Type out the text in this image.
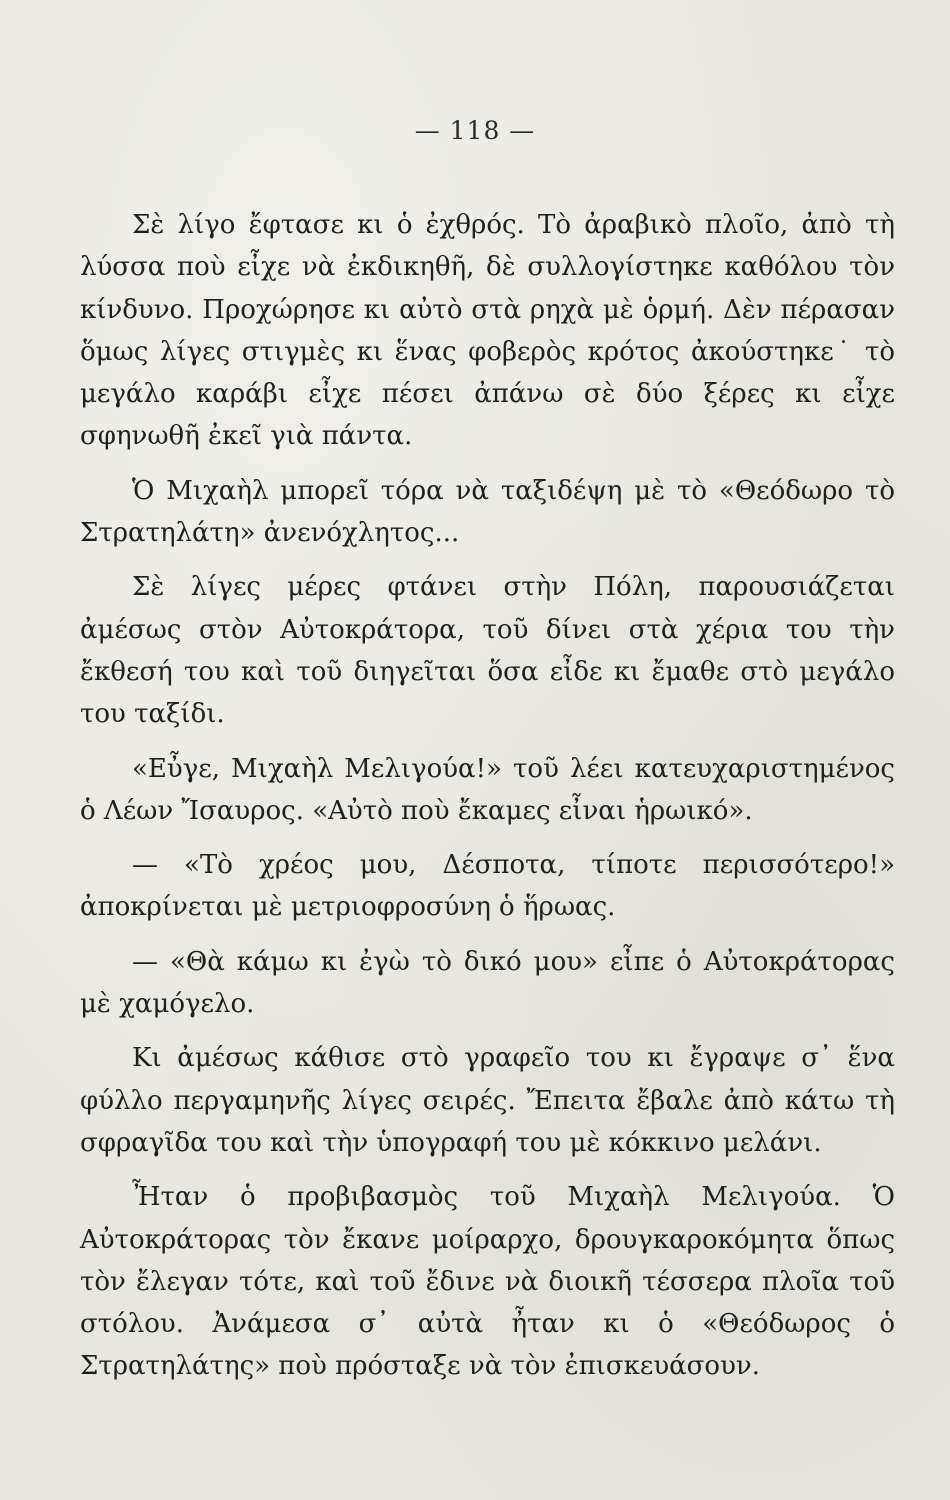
— 118 —

Σὲ λίγο ἔφτασε κι ὁ ἐχθρός. Τὸ ἀραβικὸ πλοῖο, ἀπὸ τὴ λύσσα ποὺ εἶχε νὰ ἐκδικηθῆ, δὲ συλλογίστηκε καθόλου τὸν κίνδυνο. Προχώρησε κι αὐτὸ στὰ ρηχὰ μὲ ὁρμή. Δὲν πέρασαν ὅμως λίγες στιγμὲς κι ἕνας φοβερὸς κρότος ἀκούστηκε˙ τὸ μεγάλο καράβι εἶχε πέσει ἀπάνω σὲ δύο ξέρες κι εἶχε σφηνωθῆ ἐκεῖ γιὰ πάντα.

Ὁ Μιχαὴλ μπορεῖ τόρα νὰ ταξιδέψη μὲ τὸ «Θεόδωρο τὸ Στρατηλάτη» ἀνενόχλητος...

Σὲ λίγες μέρες φτάνει στὴν Πόλη, παρουσιάζεται ἀμέσως στὸν Αὐτοκράτορα, τοῦ δίνει στὰ χέρια του τὴν ἔκθεσή του καὶ τοῦ διηγεῖται ὅσα εἶδε κι ἔμαθε στὸ μεγάλο του ταξίδι.

«Εὖγε, Μιχαὴλ Μελιγούα!» τοῦ λέει κατευχαριστημένος ὁ Λέων Ἴσαυρος. «Αὐτὸ ποὺ ἔκαμες εἶναι ἡρωικό».

— «Τὸ χρέος μου, Δέσποτα, τίποτε περισσότερο!» ἀποκρίνεται μὲ μετριοφροσύνη ὁ ἥρωας.

— «Θὰ κάμω κι ἐγὼ τὸ δικό μου» εἶπε ὁ Αὐτοκράτορας μὲ χαμόγελο.

Κι ἀμέσως κάθισε στὸ γραφεῖο του κι ἔγραψε σ᾽ ἕνα φύλλο περγαμηνῆς λίγες σειρές. Ἔπειτα ἔβαλε ἀπὸ κάτω τὴ σφραγῖδα του καὶ τὴν ὑπογραφή του μὲ κόκκινο μελάνι.

Ἦταν ὁ προβιβασμὸς τοῦ Μιχαὴλ Μελιγούα. Ὁ Αὐτοκράτορας τὸν ἔκανε μοίραρχο, δρουγκαροκόμητα ὅπως τὸν ἔλεγαν τότε, καὶ τοῦ ἔδινε νὰ διοικῆ τέσσερα πλοῖα τοῦ στόλου. Ἀνάμεσα σ᾽ αὐτὰ ἦταν κι ὁ «Θεόδωρος ὁ Στρατηλάτης» ποὺ πρόσταξε νὰ τὸν ἐπισκευάσουν.
